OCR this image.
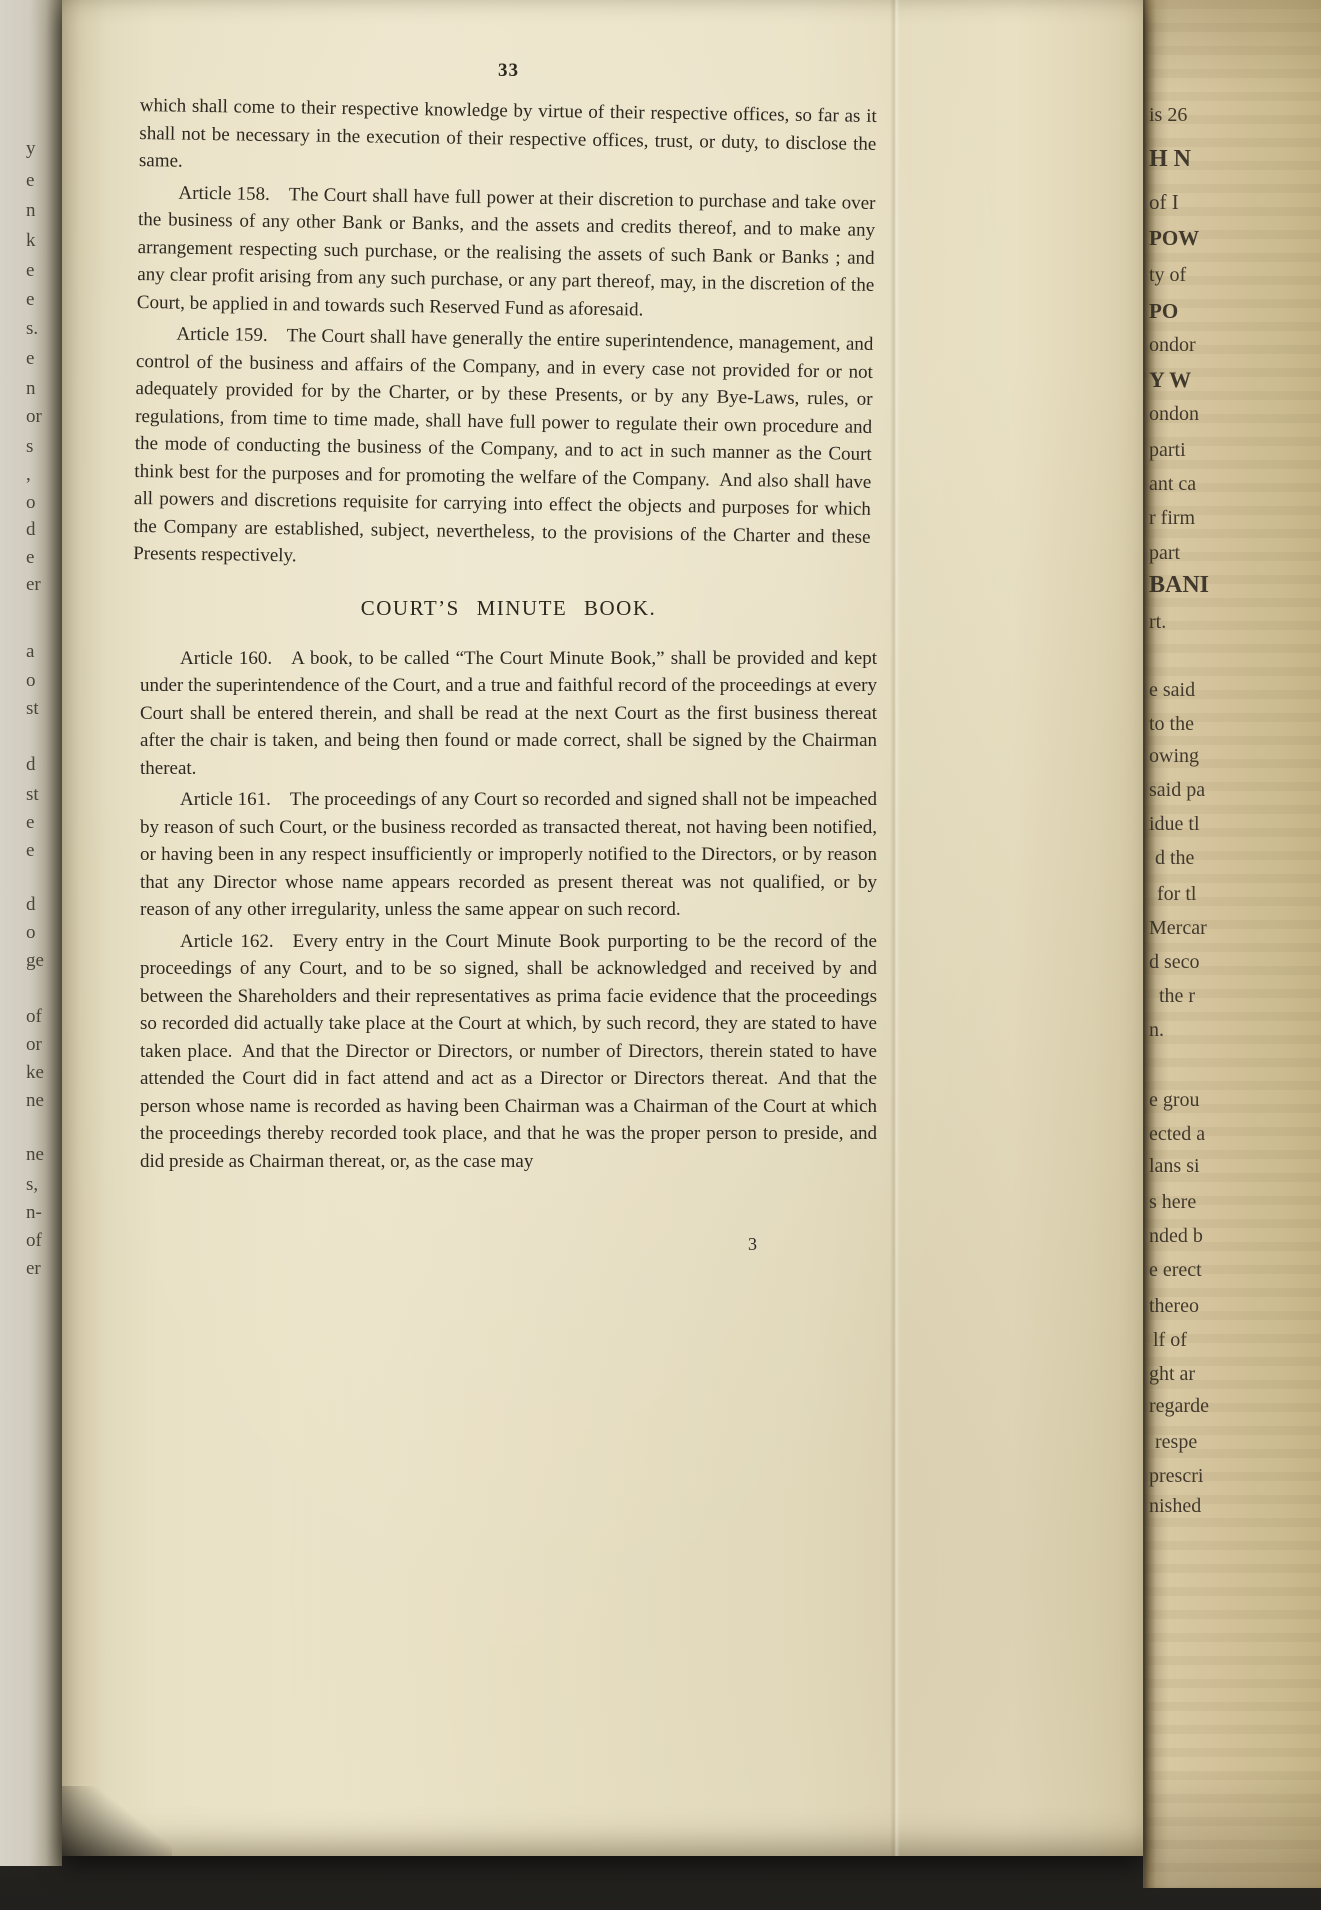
y
e
n
k
e
e
s.
e
n
or
s
,
o
d
e
er
a
o
st
d
st
e
e
d
o
ge
of
or
ke
ne
ne
s,
n-
of
er
is 26
H N
of I
POW
ty of
PO
ondor
Y W
ondon
parti
ant ca
r firm
part
BANI
rt.
e said
to the
owing
said pa
idue tl
d the
for tl
Mercar
d seco
the r
n.
e grou
ected a
lans si
s here
nded b
e erect
thereo
lf of
ght ar
regarde
respe
prescri
nished
33

which shall come to their respective knowledge by virtue of their respective offices, so far as it shall not be necessary in the execution of their respective offices, trust, or duty, to disclose the same.

Article 158.  The Court shall have full power at their discretion to purchase and take over the business of any other Bank or Banks, and the assets and credits thereof, and to make any arrangement respecting such purchase, or the realising the assets of such Bank or Banks ; and any clear profit arising from any such purchase, or any part thereof, may, in the discretion of the Court, be applied in and towards such Reserved Fund as aforesaid.

Article 159.  The Court shall have generally the entire superintendence, management, and control of the business and affairs of the Company, and in every case not provided for or not adequately provided for by the Charter, or by these Presents, or by any Bye-Laws, rules, or regulations, from time to time made, shall have full power to regulate their own procedure and the mode of conducting the business of the Company, and to act in such manner as the Court think best for the purposes and for promoting the welfare of the Company. And also shall have all powers and discretions requisite for carrying into effect the objects and purposes for which the Company are established, subject, nevertheless, to the provisions of the Charter and these Presents respectively.

COURT’S MINUTE BOOK.

Article 160.  A book, to be called “The Court Minute Book,” shall be provided and kept under the superintendence of the Court, and a true and faithful record of the proceedings at every Court shall be entered therein, and shall be read at the next Court as the first business thereat after the chair is taken, and being then found or made correct, shall be signed by the Chairman thereat.

Article 161.  The proceedings of any Court so recorded and signed shall not be impeached by reason of such Court, or the business recorded as transacted thereat, not having been notified, or having been in any respect insufficiently or improperly notified to the Directors, or by reason that any Director whose name appears recorded as present thereat was not qualified, or by reason of any other irregularity, unless the same appear on such record.

Article 162.  Every entry in the Court Minute Book purporting to be the record of the proceedings of any Court, and to be so signed, shall be acknowledged and received by and between the Shareholders and their representatives as prima facie evidence that the proceedings so recorded did actually take place at the Court at which, by such record, they are stated to have taken place. And that the Director or Directors, or number of Directors, therein stated to have attended the Court did in fact attend and act as a Director or Directors thereat. And that the person whose name is recorded as having been Chairman was a Chairman of the Court at which the proceedings thereby recorded took place, and that he was the proper person to preside, and did preside as Chairman thereat, or, as the case may

3
